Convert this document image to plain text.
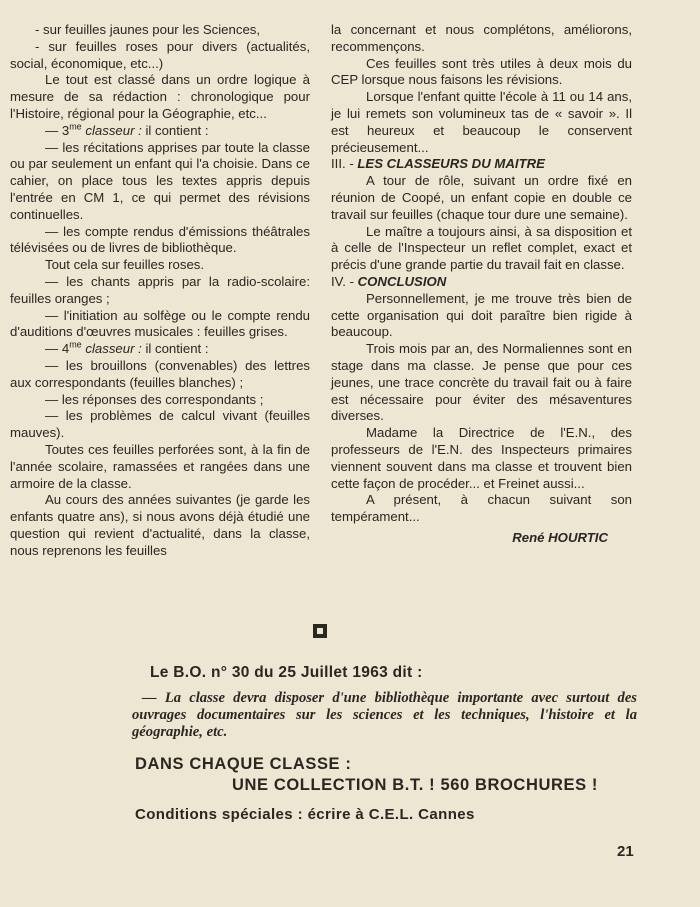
- sur feuilles jaunes pour les Sciences,

- sur feuilles roses pour divers (actualités, social, économique, etc...)

Le tout est classé dans un ordre logique à mesure de sa rédaction : chronologique pour l'Histoire, régional pour la Géographie, etc...

— $3^{me}$ classeur : il contient :

— les récitations apprises par toute la classe ou par seulement un enfant qui l'a choisie. Dans ce cahier, on place tous les textes appris depuis l'entrée en CM 1, ce qui permet des révisions continuelles.

— les compte rendus d'émissions théâtrales télévisées ou de livres de bibliothèque.

Tout cela sur feuilles roses.

— les chants appris par la radio-scolaire: feuilles oranges ;

— l'initiation au solfège ou le compte rendu d'auditions d'œuvres musicales : feuilles grises.

— $4^{me}$ classeur : il contient :

— les brouillons (convenables) des lettres aux correspondants (feuilles blanches) ;

— les réponses des correspondants ;

— les problèmes de calcul vivant (feuilles mauves).

Toutes ces feuilles perforées sont, à la fin de l'année scolaire, ramassées et rangées dans une armoire de la classe.

Au cours des années suivantes (je garde les enfants quatre ans), si nous avons déjà étudié une question qui revient d'actualité, dans la classe, nous reprenons les feuilles

la concernant et nous complétons, améliorons, recommençons.

Ces feuilles sont très utiles à deux mois du CEP lorsque nous faisons les révisions.

Lorsque l'enfant quitte l'école à 11 ou 14 ans, je lui remets son volumineux tas de « savoir ». Il est heureux et beaucoup le conservent précieusement...

III. - LES CLASSEURS DU MAITRE

A tour de rôle, suivant un ordre fixé en réunion de Coopé, un enfant copie en double ce travail sur feuilles (chaque tour dure une semaine).

Le maître a toujours ainsi, à sa disposition et à celle de l'Inspecteur un reflet complet, exact et précis d'une grande partie du travail fait en classe.

IV. - CONCLUSION

Personnellement, je me trouve très bien de cette organisation qui doit paraître bien rigide à beaucoup.

Trois mois par an, des Normaliennes sont en stage dans ma classe. Je pense que pour ces jeunes, une trace concrète du travail fait ou à faire est nécessaire pour éviter des mésaventures diverses.

Madame la Directrice de l'E.N., des professeurs de l'E.N. des Inspecteurs primaires viennent souvent dans ma classe et trouvent bien cette façon de procéder... et Freinet aussi...

A présent, à chacun suivant son tempérament...

René HOURTIC

Le B.O. n° 30 du 25 Juillet 1963 dit :

— La classe devra disposer d'une bibliothèque importante avec surtout des ouvrages documentaires sur les sciences et les techniques, l'histoire et la géographie, etc.

DANS CHAQUE CLASSE :
UNE COLLECTION B.T. ! 560 BROCHURES !
Conditions spéciales : écrire à C.E.L. Cannes
21
